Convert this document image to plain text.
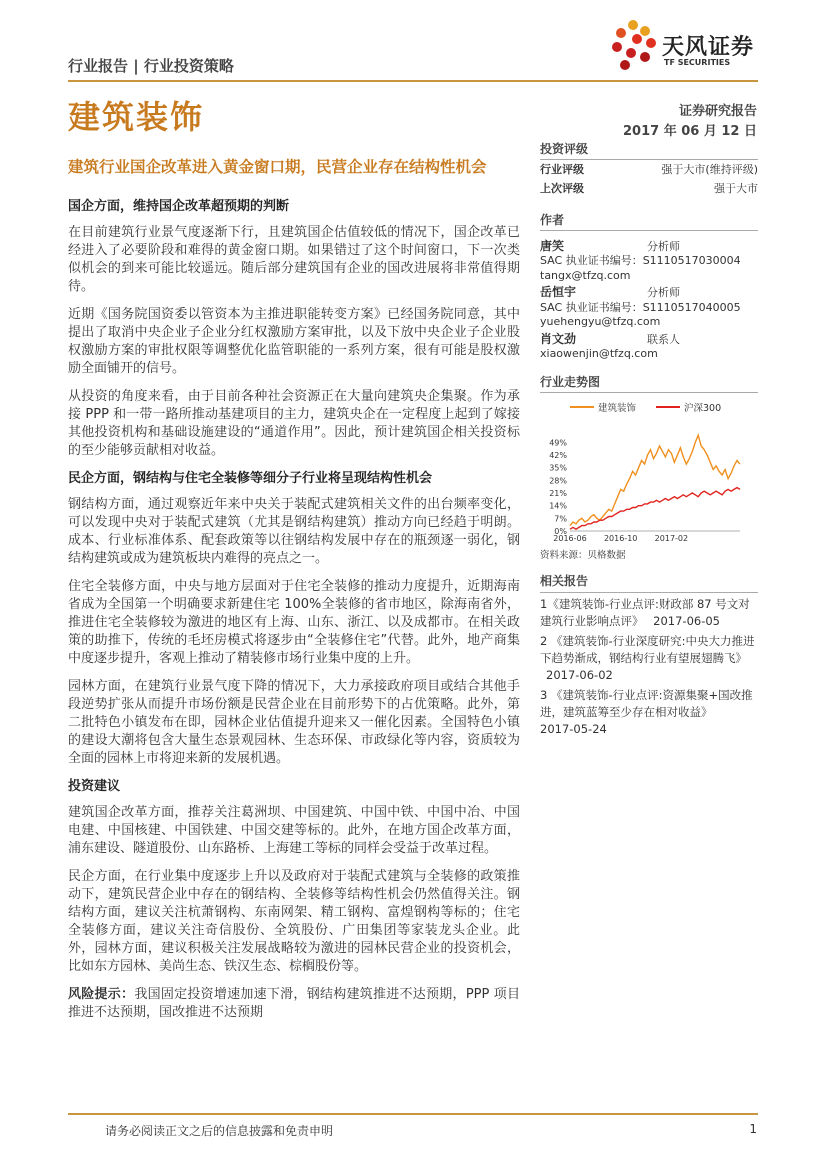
行业报告 | 行业投资策略
天风证券
TF SECURITIES
建筑装饰	证券研究报告
2017 年 06 月 12 日
建筑行业国企改革进入黄金窗口期，民营企业存在结构性机会
国企方面，维持国企改革超预期的判断

在目前建筑行业景气度逐渐下行，且建筑国企估值较低的情况下，国企改革已经进入了必要阶段和难得的黄金窗口期。如果错过了这个时间窗口，下一次类似机会的到来可能比较遥远。随后部分建筑国有企业的国改进展将非常值得期待。

近期《国务院国资委以管资本为主推进职能转变方案》已经国务院同意，其中提出了取消中央企业子企业分红权激励方案审批，以及下放中央企业子企业股权激励方案的审批权限等调整优化监管职能的一系列方案，很有可能是股权激励全面铺开的信号。

从投资的角度来看，由于目前各种社会资源正在大量向建筑央企集聚。作为承接 PPP 和一带一路所推动基建项目的主力，建筑央企在一定程度上起到了嫁接其他投资机构和基础设施建设的“通道作用”。因此，预计建筑国企相关投资标的至少能够贡献相对收益。

民企方面，钢结构与住宅全装修等细分子行业将呈现结构性机会

钢结构方面，通过观察近年来中央关于装配式建筑相关文件的出台频率变化，可以发现中央对于装配式建筑（尤其是钢结构建筑）推动方向已经趋于明朗。成本、行业标准体系、配套政策等以往钢结构发展中存在的瓶颈逐一弱化，钢结构建筑或成为建筑板块内难得的亮点之一。

住宅全装修方面，中央与地方层面对于住宅全装修的推动力度提升，近期海南省成为全国第一个明确要求新建住宅 100%全装修的省市地区，除海南省外，推进住宅全装修较为激进的地区有上海、山东、浙江、以及成都市。在相关政策的助推下，传统的毛坯房模式将逐步由“全装修住宅”代替。此外，地产商集中度逐步提升，客观上推动了精装修市场行业集中度的上升。

园林方面，在建筑行业景气度下降的情况下，大力承接政府项目或结合其他手段逆势扩张从而提升市场份额是民营企业在目前形势下的占优策略。此外，第二批特色小镇发布在即，园林企业估值提升迎来又一催化因素。全国特色小镇的建设大潮将包含大量生态景观园林、生态环保、市政绿化等内容，资质较为全面的园林上市将迎来新的发展机遇。

投资建议

建筑国企改革方面，推荐关注葛洲坝、中国建筑、中国中铁、中国中冶、中国电建、中国核建、中国铁建、中国交建等标的。此外，在地方国企改革方面，浦东建设、隧道股份、山东路桥、上海建工等标的同样会受益于改革过程。

民企方面，在行业集中度逐步上升以及政府对于装配式建筑与全装修的政策推动下，建筑民营企业中存在的钢结构、全装修等结构性机会仍然值得关注。钢结构方面，建议关注杭萧钢构、东南网架、精工钢构、富煌钢构等标的；住宅全装修方面，建议关注奇信股份、全筑股份、广田集团等家装龙头企业。此外，园林方面，建议积极关注发展战略较为激进的园林民营企业的投资机会，比如东方园林、美尚生态、铁汉生态、棕榈股份等。

风险提示：我国固定投资增速加速下滑，钢结构建筑推进不达预期，PPP 项目推进不达预期，国改推进不达预期

投资评级
行业评级	强于大市(维持评级)
上次评级	强于大市
作者
唐笑	分析师
SAC 执业证书编号：S1110517030004
tangx@tfzq.com
岳恒宇	分析师
SAC 执业证书编号：S1110517040005
yuehengyu@tfzq.com
肖文劲	联系人
xiaowenjin@tfzq.com
行业走势图
建筑装饰	沪深300
0%
7%
14%
21%
28%
35%
42%
49%
2016-06 2016-10 2017-02
资料来源：贝格数据
相关报告
1《建筑装饰-行业点评:财政部 87 号文对建筑行业影响点评》 2017-06-05
2 《建筑装饰-行业深度研究:中央大力推进下趋势渐成，钢结构行业有望展翅腾飞》 2017-06-02
3 《建筑装饰-行业点评:资源集聚+国改推进，建筑蓝筹至少存在相对收益》
2017-05-24
请务必阅读正文之后的信息披露和免责申明	1
